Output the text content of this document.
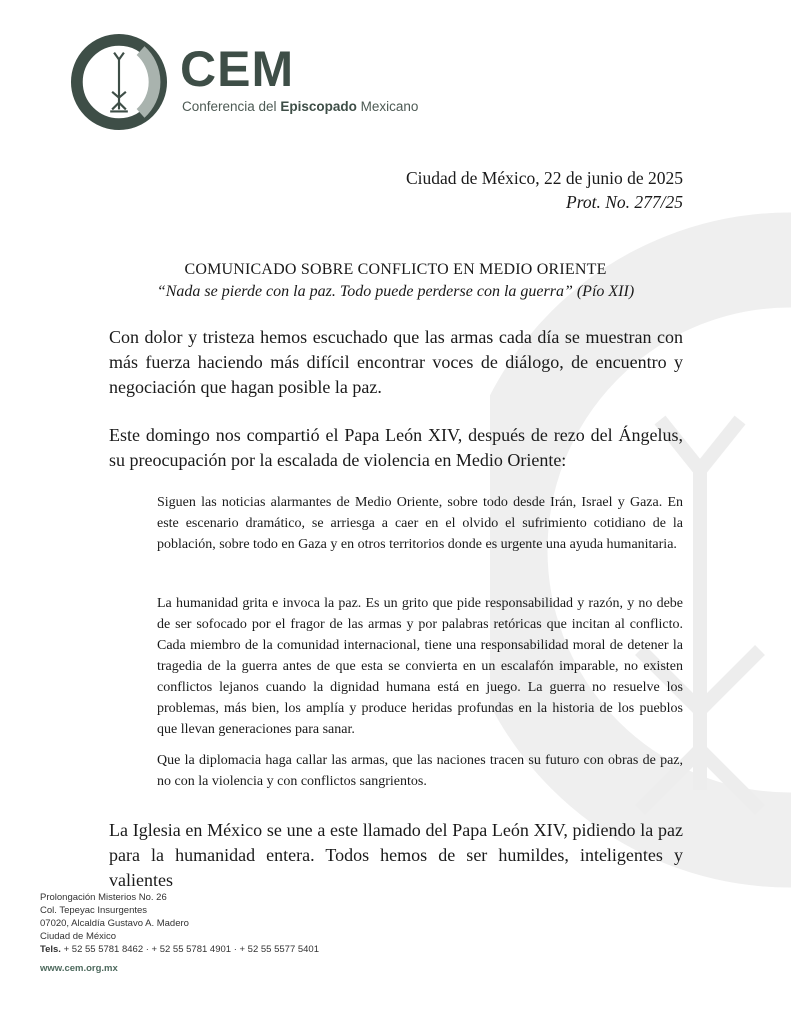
CEM
Conferencia del Episcopado Mexicano
Ciudad de México, 22 de junio de 2025
Prot. No. 277/25
COMUNICADO SOBRE CONFLICTO EN MEDIO ORIENTE
“Nada se pierde con la paz. Todo puede perderse con la guerra” (Pío XII)

Con dolor y tristeza hemos escuchado que las armas cada día se muestran con más fuerza haciendo más difícil encontrar voces de diálogo, de encuentro y negociación que hagan posible la paz.

Este domingo nos compartió el Papa León XIV, después de rezo del Ángelus, su preocupación por la escalada de violencia en Medio Oriente:

Siguen las noticias alarmantes de Medio Oriente, sobre todo desde Irán, Israel y Gaza. En este escenario dramático, se arriesga a caer en el olvido el sufrimiento cotidiano de la población, sobre todo en Gaza y en otros territorios donde es urgente una ayuda humanitaria.

La humanidad grita e invoca la paz. Es un grito que pide responsabilidad y razón, y no debe de ser sofocado por el fragor de las armas y por palabras retóricas que incitan al conflicto. Cada miembro de la comunidad internacional, tiene una responsabilidad moral de detener la tragedia de la guerra antes de que esta se convierta en un escalafón imparable, no existen conflictos lejanos cuando la dignidad humana está en juego. La guerra no resuelve los problemas, más bien, los amplía y produce heridas profundas en la historia de los pueblos que llevan generaciones para sanar.

Que la diplomacia haga callar las armas, que las naciones tracen su futuro con obras de paz, no con la violencia y con conflictos sangrientos.

La Iglesia en México se une a este llamado del Papa León XIV, pidiendo la paz para la humanidad entera. Todos hemos de ser humildes, inteligentes y valientes

Prolongación Misterios No. 26
Col. Tepeyac Insurgentes
07020, Alcaldía Gustavo A. Madero
Ciudad de México
Tels. + 52 55 5781 8462 · + 52 55 5781 4901 · + 52 55 5577 5401
www.cem.org.mx
